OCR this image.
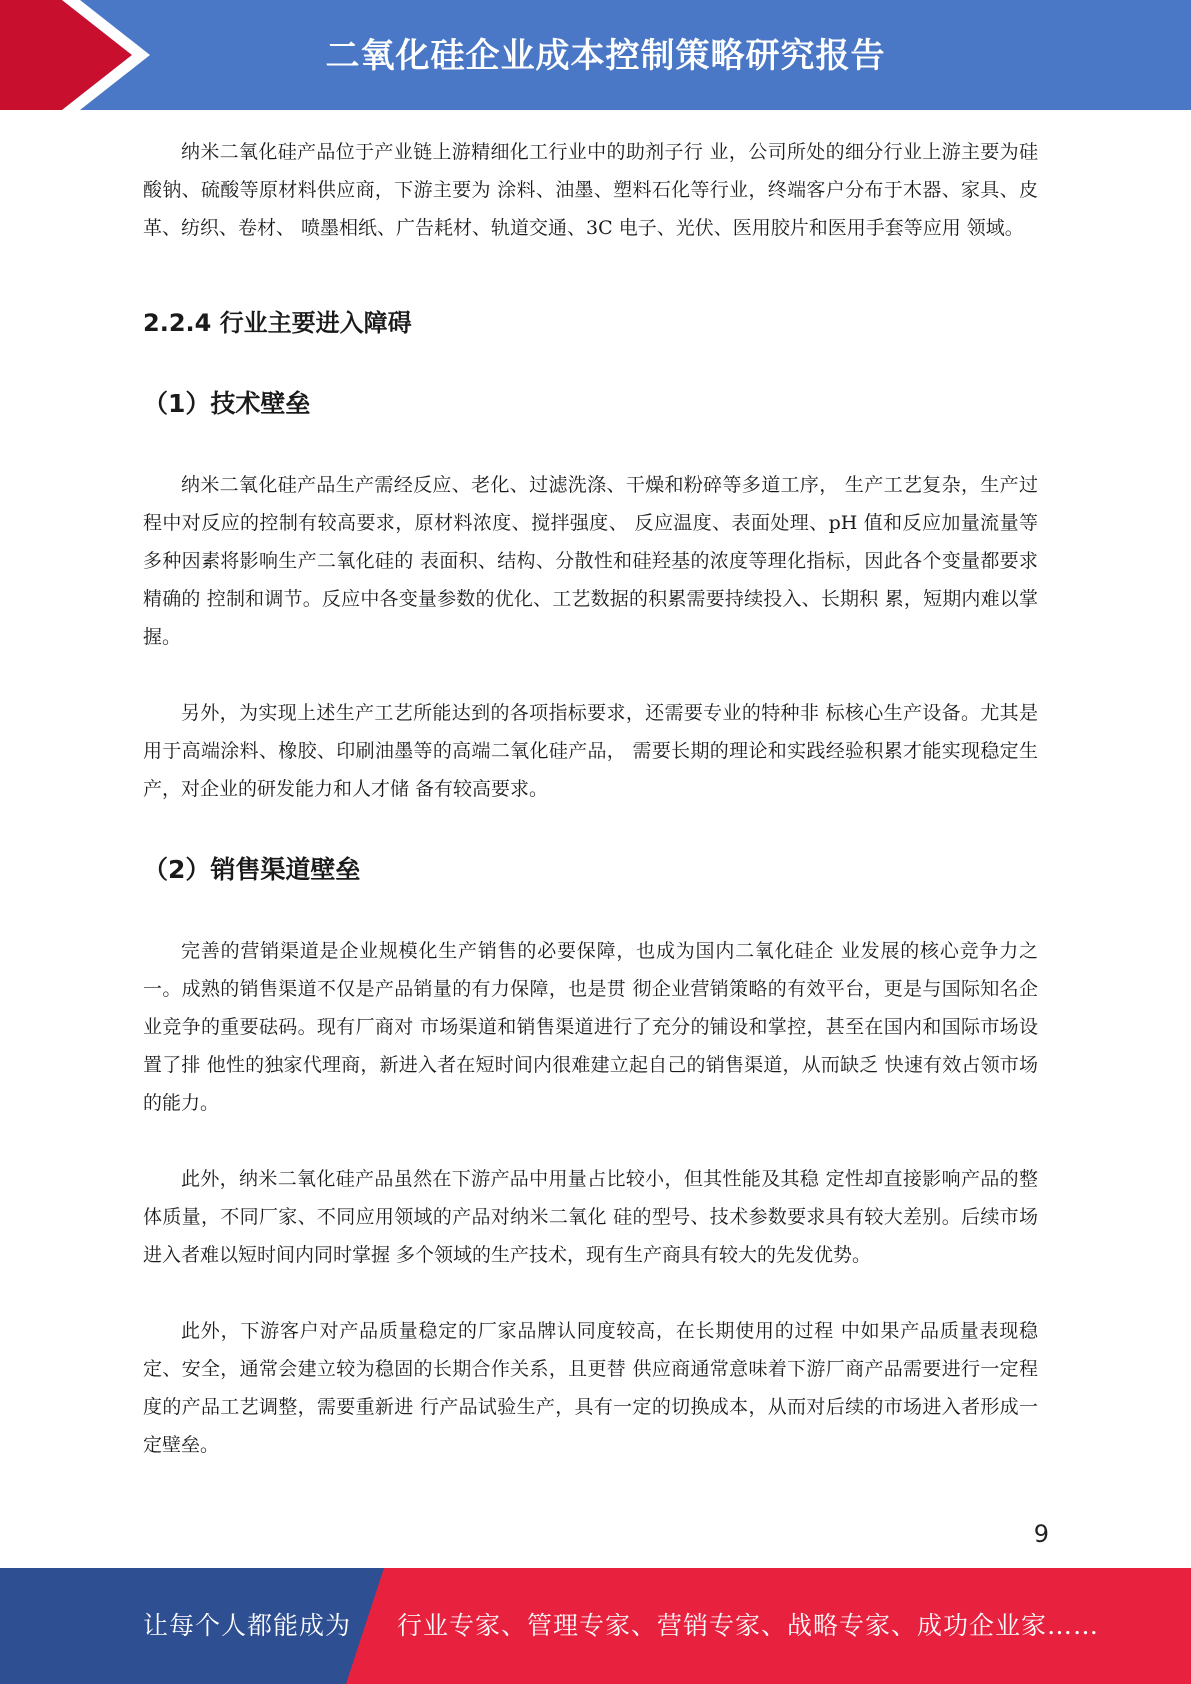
二氧化硅企业成本控制策略研究报告

纳米二氧化硅产品位于产业链上游精细化工行业中的助剂子行 业，公司所处的细分行业上游主要为硅酸钠、硫酸等原材料供应商，下游主要为 涂料、油墨、塑料石化等行业，终端客户分布于木器、家具、皮革、纺织、卷材、 喷墨相纸、广告耗材、轨道交通、3C 电子、光伏、医用胶片和医用手套等应用 领域。

2.2.4 行业主要进入障碍
（1）技术壁垒

纳米二氧化硅产品生产需经反应、老化、过滤洗涤、干燥和粉碎等多道工序， 生产工艺复杂，生产过程中对反应的控制有较高要求，原材料浓度、搅拌强度、 反应温度、表面处理、pH 值和反应加量流量等多种因素将影响生产二氧化硅的 表面积、结构、分散性和硅羟基的浓度等理化指标，因此各个变量都要求精确的 控制和调节。反应中各变量参数的优化、工艺数据的积累需要持续投入、长期积 累，短期内难以掌握。

另外，为实现上述生产工艺所能达到的各项指标要求，还需要专业的特种非 标核心生产设备。尤其是用于高端涂料、橡胶、印刷油墨等的高端二氧化硅产品， 需要长期的理论和实践经验积累才能实现稳定生产，对企业的研发能力和人才储 备有较高要求。

（2）销售渠道壁垒

完善的营销渠道是企业规模化生产销售的必要保障，也成为国内二氧化硅企 业发展的核心竞争力之一。成熟的销售渠道不仅是产品销量的有力保障，也是贯 彻企业营销策略的有效平台，更是与国际知名企业竞争的重要砝码。现有厂商对 市场渠道和销售渠道进行了充分的铺设和掌控，甚至在国内和国际市场设置了排 他性的独家代理商，新进入者在短时间内很难建立起自己的销售渠道，从而缺乏 快速有效占领市场的能力。

此外，纳米二氧化硅产品虽然在下游产品中用量占比较小，但其性能及其稳 定性却直接影响产品的整体质量，不同厂家、不同应用领域的产品对纳米二氧化 硅的型号、技术参数要求具有较大差别。后续市场进入者难以短时间内同时掌握 多个领域的生产技术，现有生产商具有较大的先发优势。

此外，下游客户对产品质量稳定的厂家品牌认同度较高，在长期使用的过程 中如果产品质量表现稳定、安全，通常会建立较为稳固的长期合作关系，且更替 供应商通常意味着下游厂商产品需要进行一定程度的产品工艺调整，需要重新进 行产品试验生产，具有一定的切换成本，从而对后续的市场进入者形成一定壁垒。

9
让每个人都能成为 行业专家、管理专家、营销专家、战略专家、成功企业家……
